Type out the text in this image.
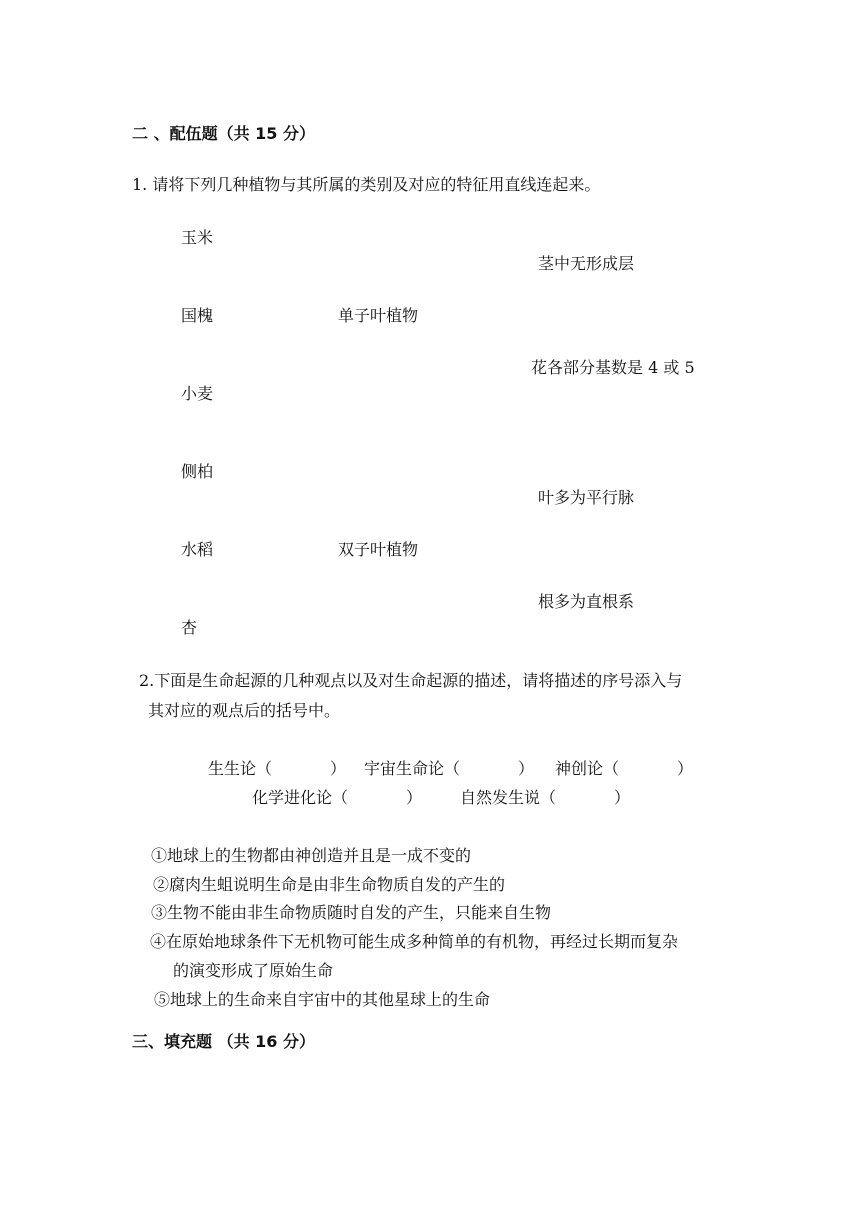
二 、配伍题（共 15 分）
1. 请将下列几种植物与其所属的类别及对应的特征用直线连起来。
玉米
国槐
小麦
侧柏
水稻
杏
单子叶植物
双子叶植物
茎中无形成层
花各部分基数是 4 或 5
叶多为平行脉
根多为直根系
2.下面是生命起源的几种观点以及对生命起源的描述，请将描述的序号添入与
其对应的观点后的括号中。
生生论（	） 宇宙生命论（	） 神创论（	）
化学进化论（	） 自然发生说（	）
①地球上的生物都由神创造并且是一成不变的
②腐肉生蛆说明生命是由非生命物质自发的产生的
③生物不能由非生命物质随时自发的产生，只能来自生物
④在原始地球条件下无机物可能生成多种简单的有机物，再经过长期而复杂
的演变形成了原始生命
⑤地球上的生命来自宇宙中的其他星球上的生命
三、填充题 （共 16 分）
